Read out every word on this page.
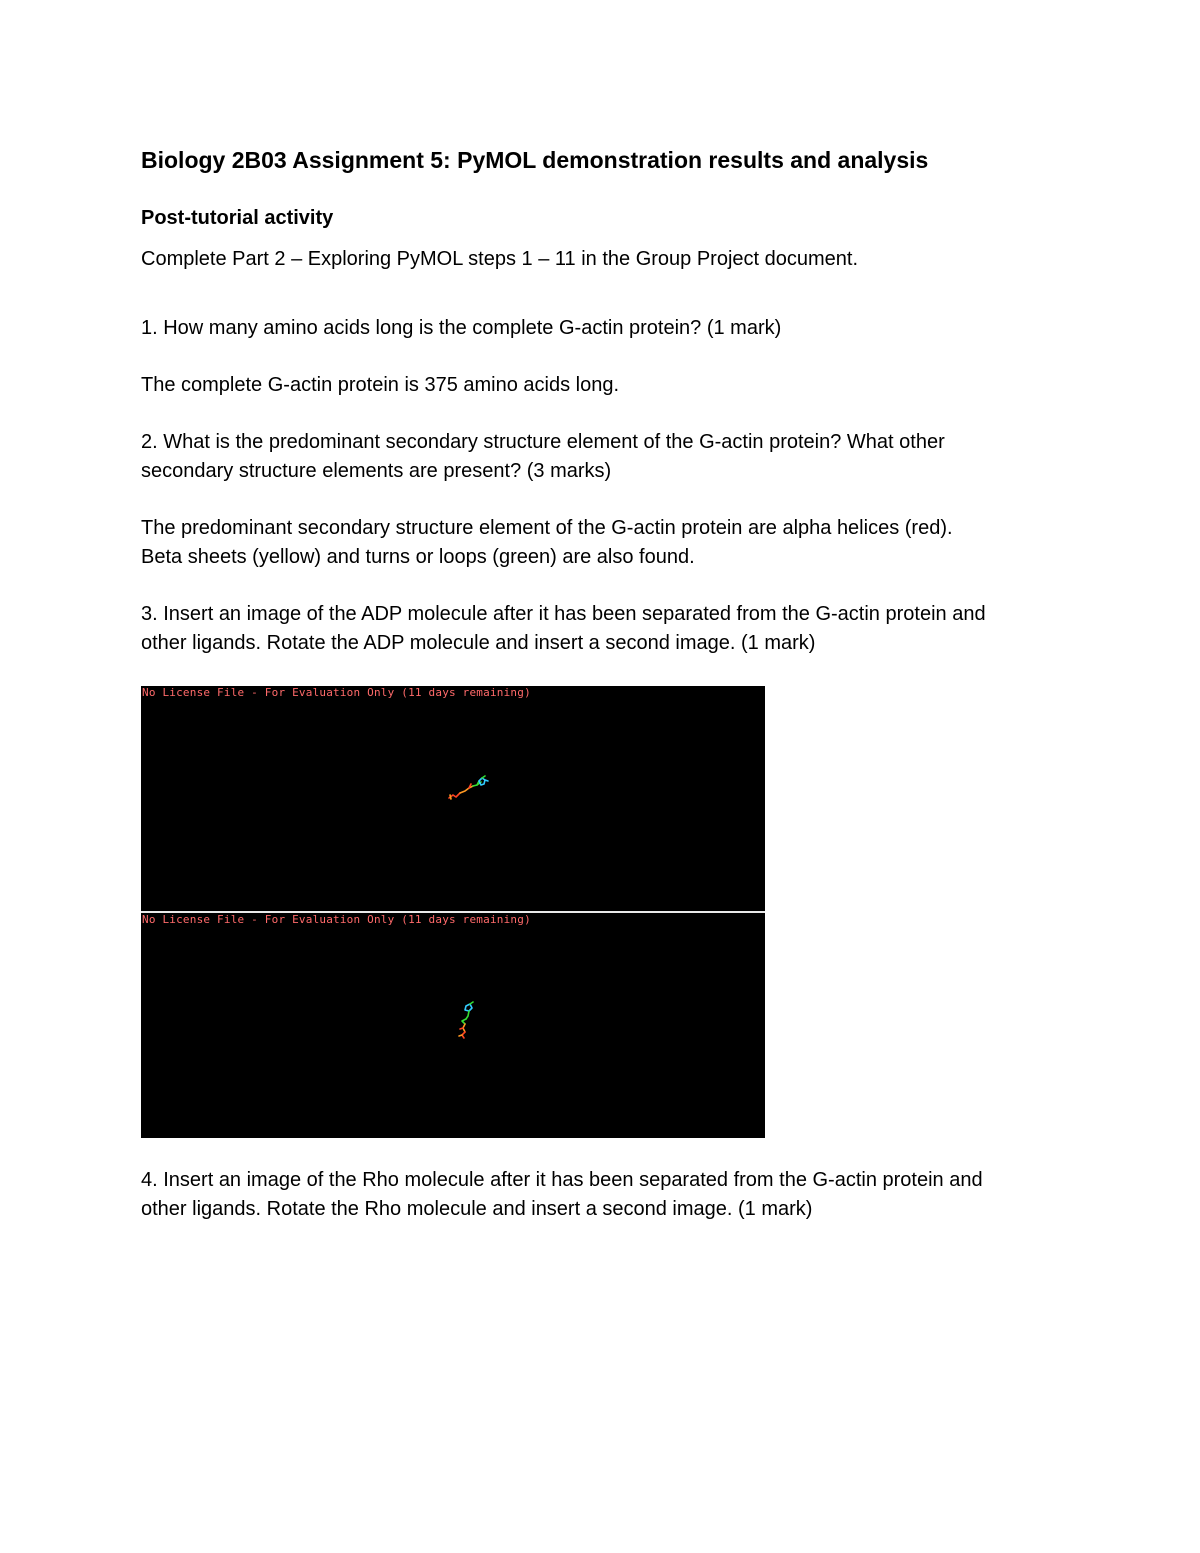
Biology 2B03 Assignment 5: PyMOL demonstration results and analysis
Post-tutorial activity
Complete Part 2 – Exploring PyMOL steps 1 – 11 in the Group Project document.
1. How many amino acids long is the complete G-actin protein? (1 mark)
The complete G-actin protein is 375 amino acids long.
2. What is the predominant secondary structure element of the G-actin protein? What other
secondary structure elements are present? (3 marks)
The predominant secondary structure element of the G-actin protein are alpha helices (red).
Beta sheets (yellow) and turns or loops (green) are also found.
3. Insert an image of the ADP molecule after it has been separated from the G-actin protein and
other ligands. Rotate the ADP molecule and insert a second image. (1 mark)
No License File - For Evaluation Only (11 days remaining)
No License File - For Evaluation Only (11 days remaining)
4. Insert an image of the Rho molecule after it has been separated from the G-actin protein and
other ligands. Rotate the Rho molecule and insert a second image. (1 mark)
